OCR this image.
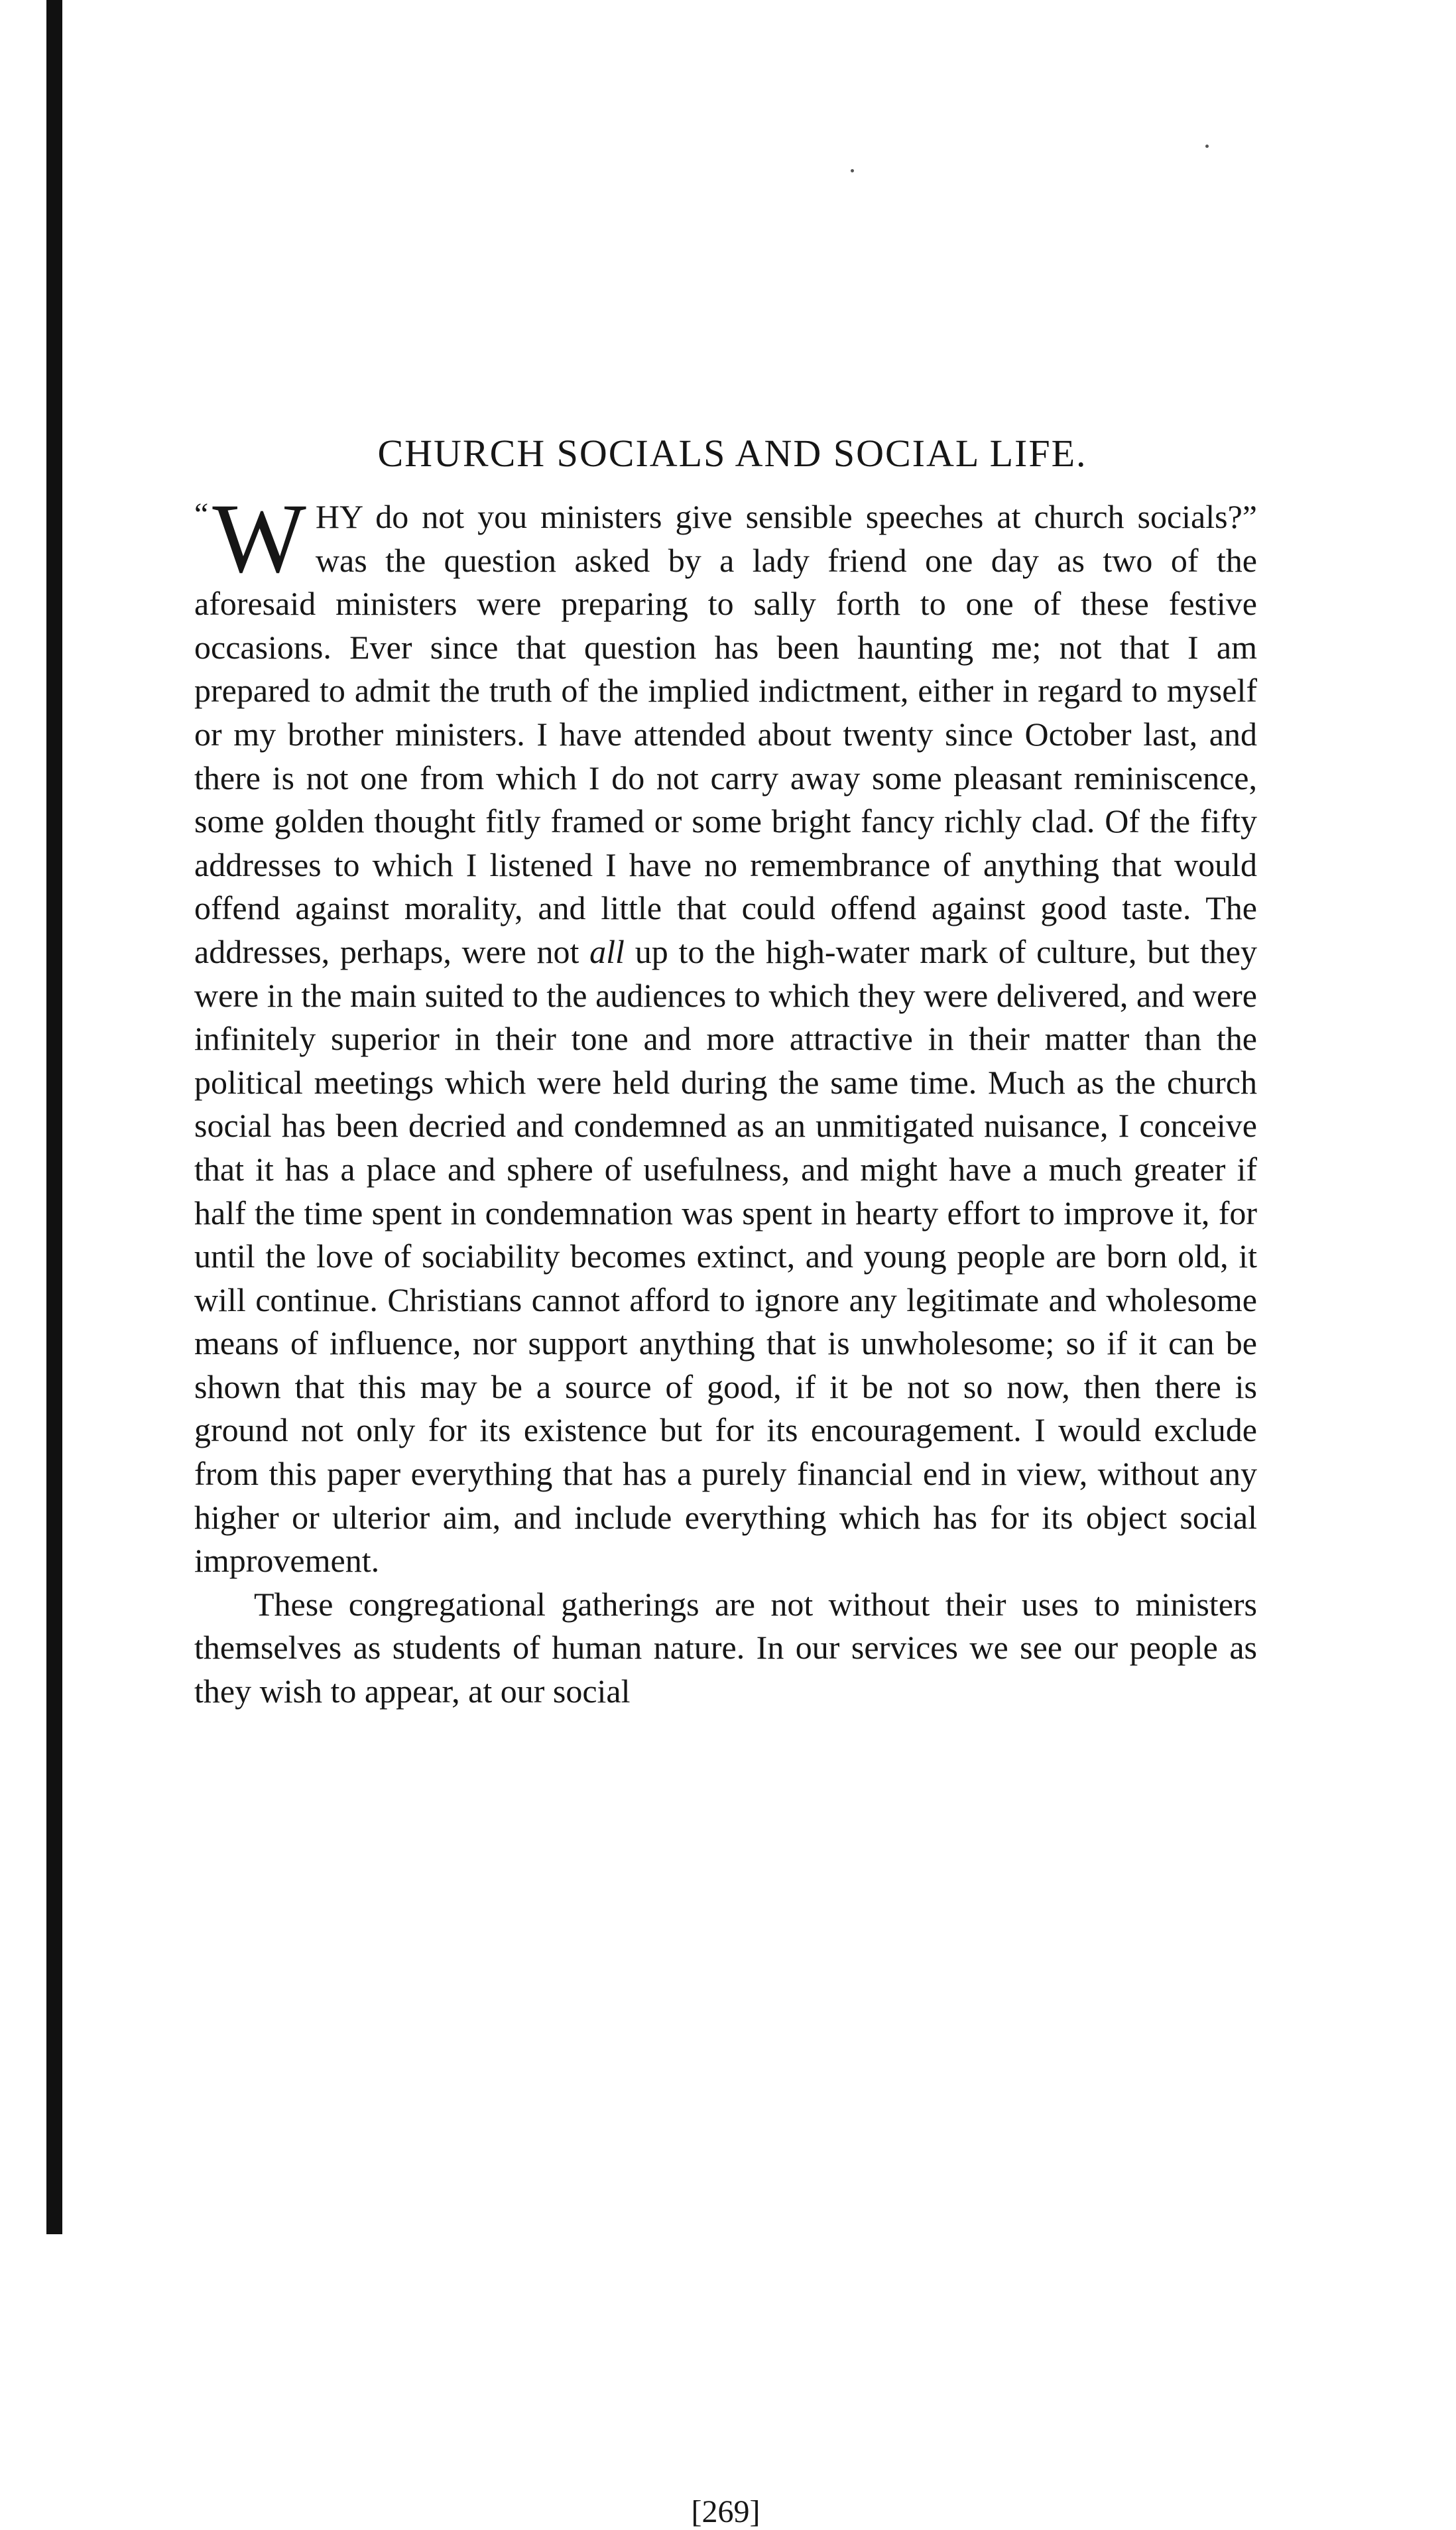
CHURCH SOCIALS AND SOCIAL LIFE.

“ W HY do not you ministers give sensible speeches at church socials?” was the question asked by a lady friend one day as two of the aforesaid ministers were preparing to sally forth to one of these festive occasions. Ever since that question has been haunting me; not that I am prepared to admit the truth of the implied indictment, either in regard to myself or my brother ministers. I have attended about twenty since October last, and there is not one from which I do not carry away some pleasant reminiscence, some golden thought fitly framed or some bright fancy richly clad. Of the fifty addresses to which I listened I have no remembrance of anything that would offend against morality, and little that could offend against good taste. The addresses, perhaps, were not all up to the high-water mark of culture, but they were in the main suited to the audiences to which they were delivered, and were infinitely superior in their tone and more attractive in their matter than the political meetings which were held during the same time. Much as the church social has been decried and condemned as an unmitigated nuisance, I conceive that it has a place and sphere of usefulness, and might have a much greater if half the time spent in condemnation was spent in hearty effort to improve it, for until the love of sociability becomes extinct, and young people are born old, it will continue. Christians cannot afford to ignore any legitimate and wholesome means of influence, nor support anything that is unwholesome; so if it can be shown that this may be a source of good, if it be not so now, then there is ground not only for its existence but for its encouragement. I would exclude from this paper everything that has a purely financial end in view, without any higher or ulterior aim, and include everything which has for its object social improvement.

These congregational gatherings are not without their uses to ministers themselves as students of human nature. In our services we see our people as they wish to appear, at our social

[269]
